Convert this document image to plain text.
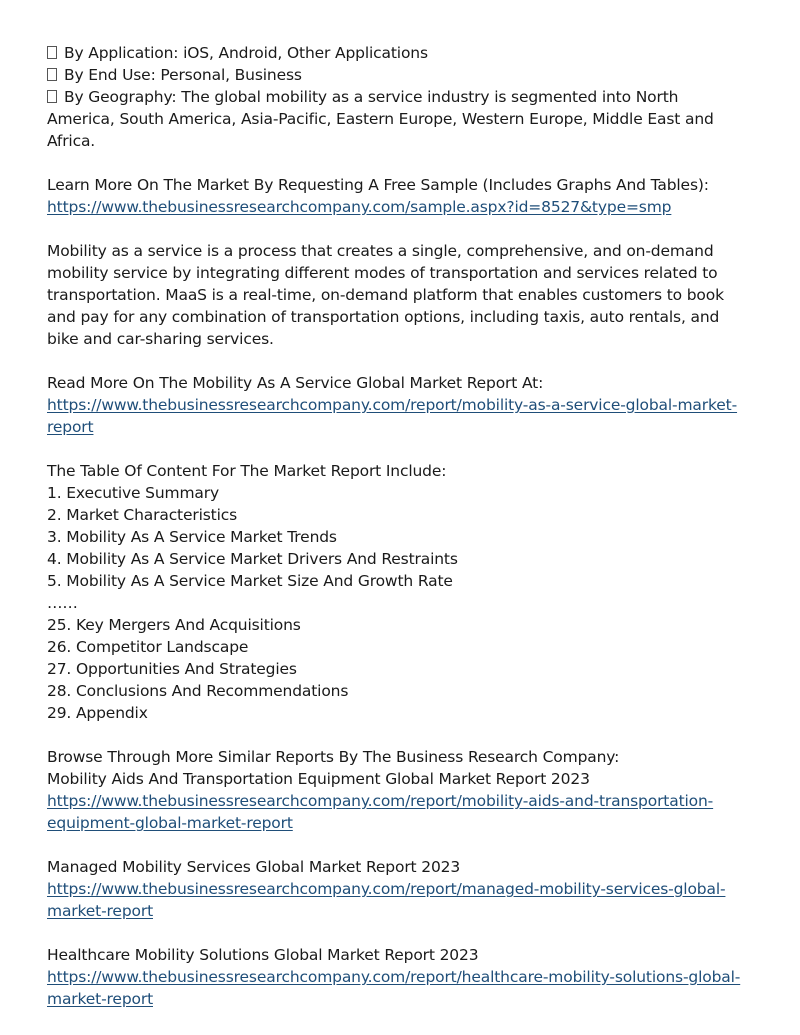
By Application: iOS, Android, Other Applications
By End Use: Personal, Business
By Geography: The global mobility as a service industry is segmented into North America, South America, Asia-Pacific, Eastern Europe, Western Europe, Middle East and Africa.
Learn More On The Market By Requesting A Free Sample (Includes Graphs And Tables):
https://www.thebusinessresearchcompany.com/sample.aspx?id=8527&type=smp

Mobility as a service is a process that creates a single, comprehensive, and on-demand mobility service by integrating different modes of transportation and services related to transportation. MaaS is a real-time, on-demand platform that enables customers to book and pay for any combination of transportation options, including taxis, auto rentals, and bike and car-sharing services.

Read More On The Mobility As A Service Global Market Report At:
https://www.thebusinessresearchcompany.com/report/mobility-as-a-service-global-market-
report
The Table Of Content For The Market Report Include:
1. Executive Summary
2. Market Characteristics
3. Mobility As A Service Market Trends
4. Mobility As A Service Market Drivers And Restraints
5. Mobility As A Service Market Size And Growth Rate
……
25. Key Mergers And Acquisitions
26. Competitor Landscape
27. Opportunities And Strategies
28. Conclusions And Recommendations
29. Appendix
Browse Through More Similar Reports By The Business Research Company:
Mobility Aids And Transportation Equipment Global Market Report 2023
https://www.thebusinessresearchcompany.com/report/mobility-aids-and-transportation-
equipment-global-market-report
Managed Mobility Services Global Market Report 2023
https://www.thebusinessresearchcompany.com/report/managed-mobility-services-global-
market-report
Healthcare Mobility Solutions Global Market Report 2023
https://www.thebusinessresearchcompany.com/report/healthcare-mobility-solutions-global-
market-report
